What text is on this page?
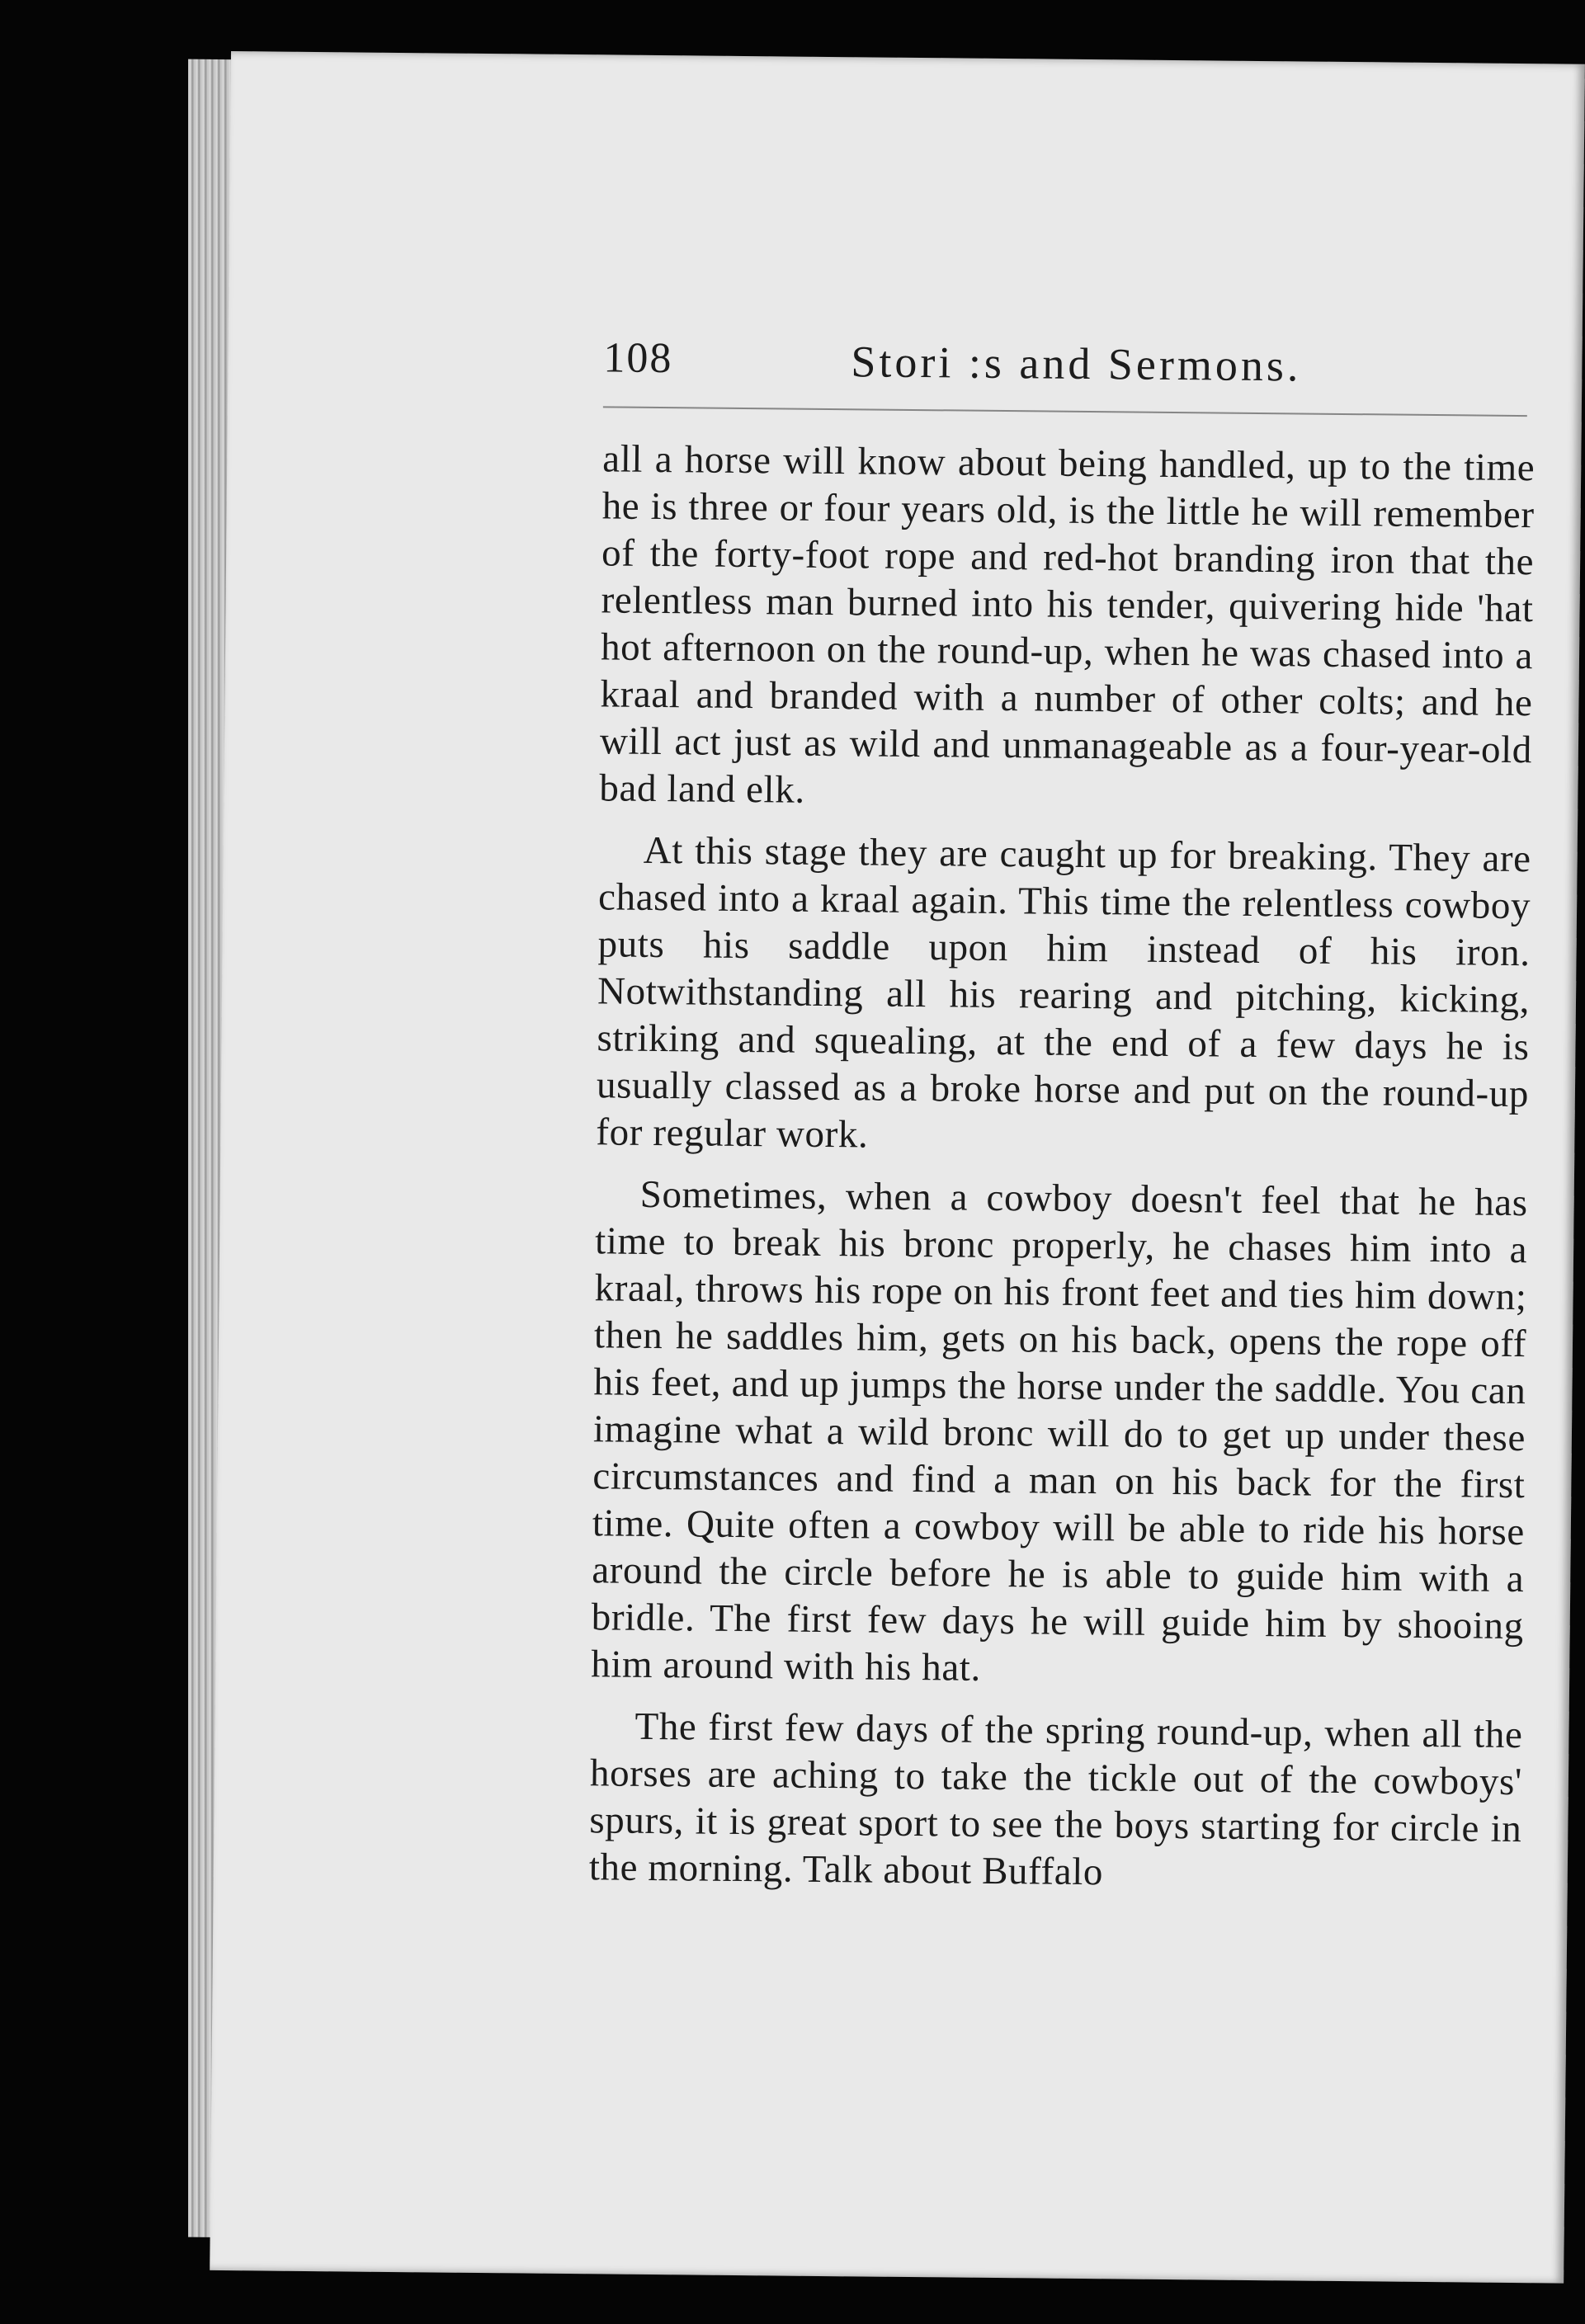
108	Stori :s and Sermons.

all a horse will know about being handled, up to the time he is three or four years old, is the little he will remember of the forty-foot rope and red-hot branding iron that the relentless man burned into his tender, quivering hide 'hat hot afternoon on the round-up, when he was chased into a kraal and branded with a number of other colts; and he will act just as wild and unmanageable as a four-year-old bad land elk.

At this stage they are caught up for breaking. They are chased into a kraal again. This time the relentless cowboy puts his saddle upon him instead of his iron. Notwithstanding all his rearing and pitching, kicking, striking and squealing, at the end of a few days he is usually classed as a broke horse and put on the round-up for regular work.

Sometimes, when a cowboy doesn't feel that he has time to break his bronc properly, he chases him into a kraal, throws his rope on his front feet and ties him down; then he saddles him, gets on his back, opens the rope off his feet, and up jumps the horse under the saddle. You can imagine what a wild bronc will do to get up under these circumstances and find a man on his back for the first time. Quite often a cowboy will be able to ride his horse around the circle before he is able to guide him with a bridle. The first few days he will guide him by shooing him around with his hat.

The first few days of the spring round-up, when all the horses are aching to take the tickle out of the cowboys' spurs, it is great sport to see the boys starting for circle in the morning. Talk about Buffalo
